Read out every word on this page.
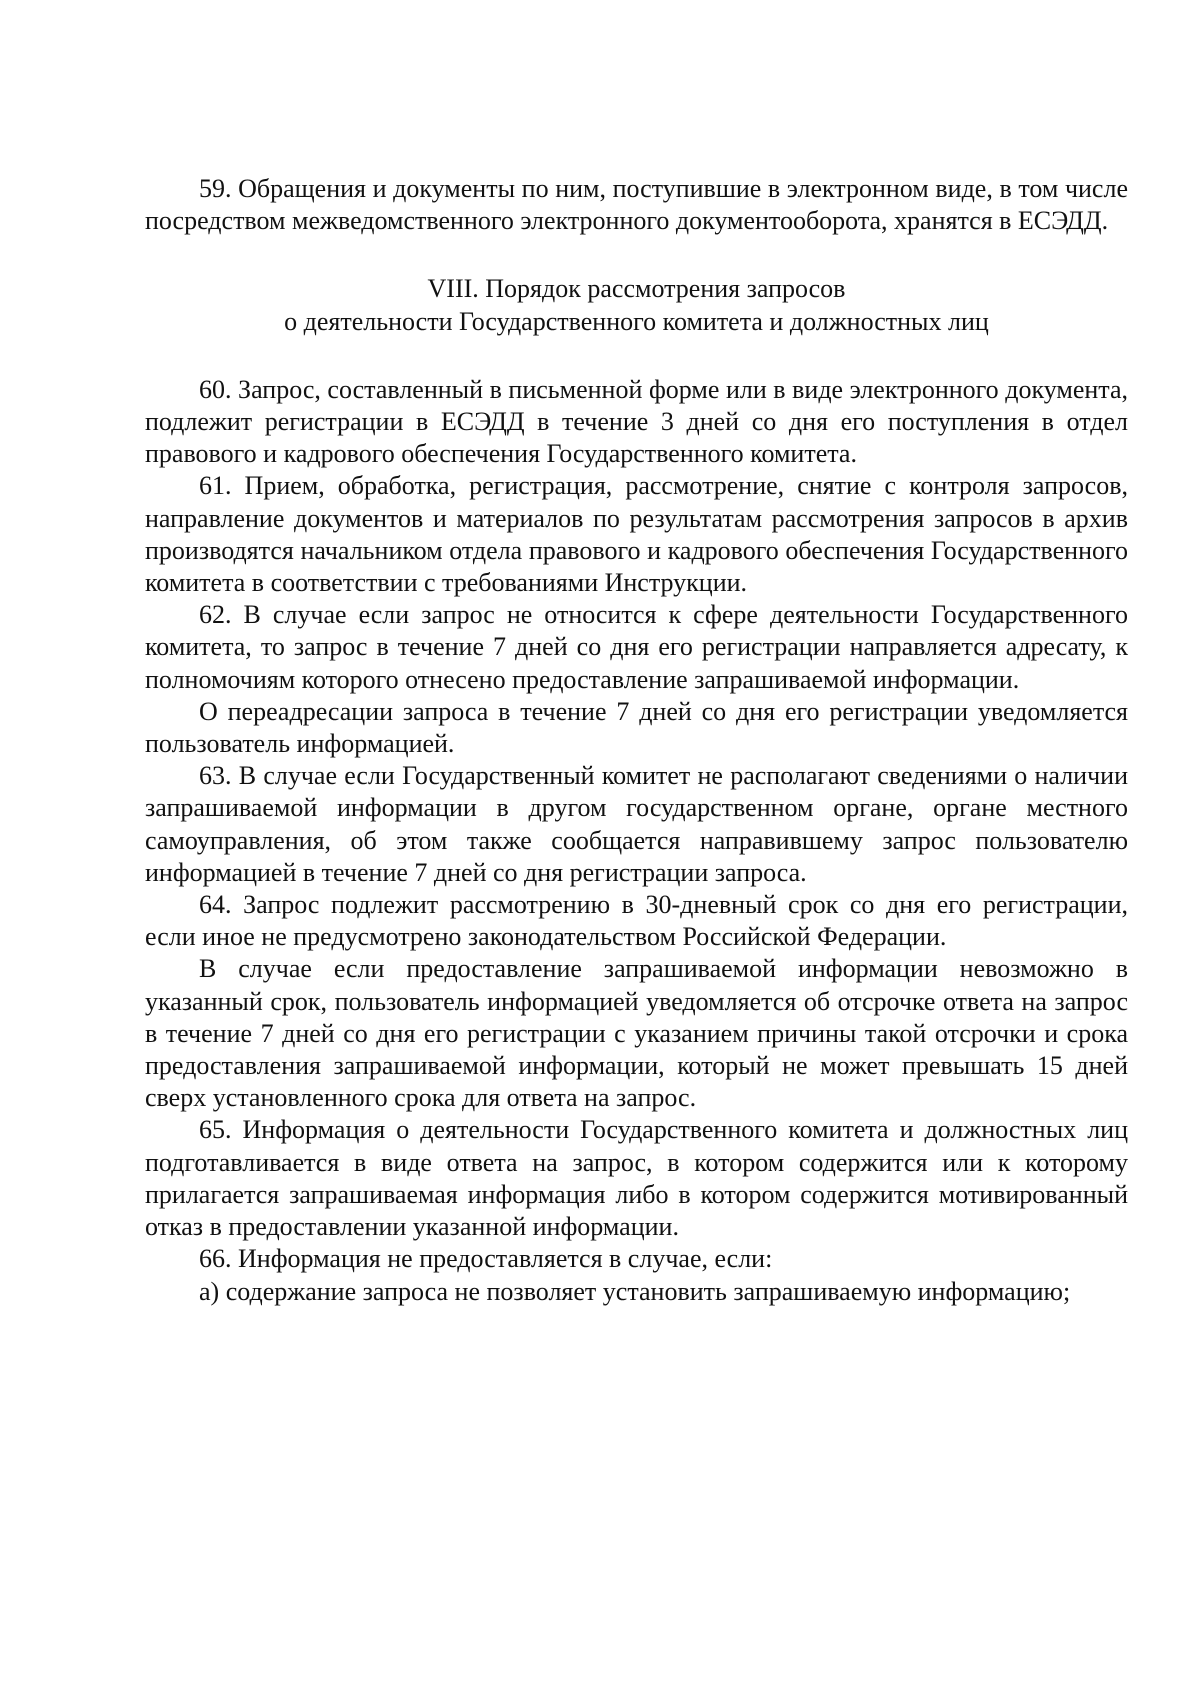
59. Обращения и документы по ним, поступившие в электронном виде, в том числе посредством межведомственного электронного документооборота, хранятся в ЕСЭДД.

VIII. Порядок рассмотрения запросов
о деятельности Государственного комитета и должностных лиц

60. Запрос, составленный в письменной форме или в виде электронного документа, подлежит регистрации в ЕСЭДД в течение 3 дней со дня его поступления в отдел правового и кадрового обеспечения Государственного комитета.

61. Прием, обработка, регистрация, рассмотрение, снятие с контроля запросов, направление документов и материалов по результатам рассмотрения запросов в архив производятся начальником отдела правового и кадрового обеспечения Государственного комитета в соответствии с требованиями Инструкции.

62. В случае если запрос не относится к сфере деятельности Государственного комитета, то запрос в течение 7 дней со дня его регистрации направляется адресату, к полномочиям которого отнесено предоставление запрашиваемой информации.

О переадресации запроса в течение 7 дней со дня его регистрации уведомляется пользователь информацией.

63. В случае если Государственный комитет не располагают сведениями о наличии запрашиваемой информации в другом государственном органе, органе местного самоуправления, об этом также сообщается направившему запрос пользователю информацией в течение 7 дней со дня регистрации запроса.

64. Запрос подлежит рассмотрению в 30-дневный срок со дня его регистрации, если иное не предусмотрено законодательством Российской Федерации.

В случае если предоставление запрашиваемой информации невозможно в указанный срок, пользователь информацией уведомляется об отсрочке ответа на запрос в течение 7 дней со дня его регистрации с указанием причины такой отсрочки и срока предоставления запрашиваемой информации, который не может превышать 15 дней сверх установленного срока для ответа на запрос.

65. Информация о деятельности Государственного комитета и должностных лиц подготавливается в виде ответа на запрос, в котором содержится или к которому прилагается запрашиваемая информация либо в котором содержится мотивированный отказ в предоставлении указанной информации.

66. Информация не предоставляется в случае, если:

а) содержание запроса не позволяет установить запрашиваемую информацию;
